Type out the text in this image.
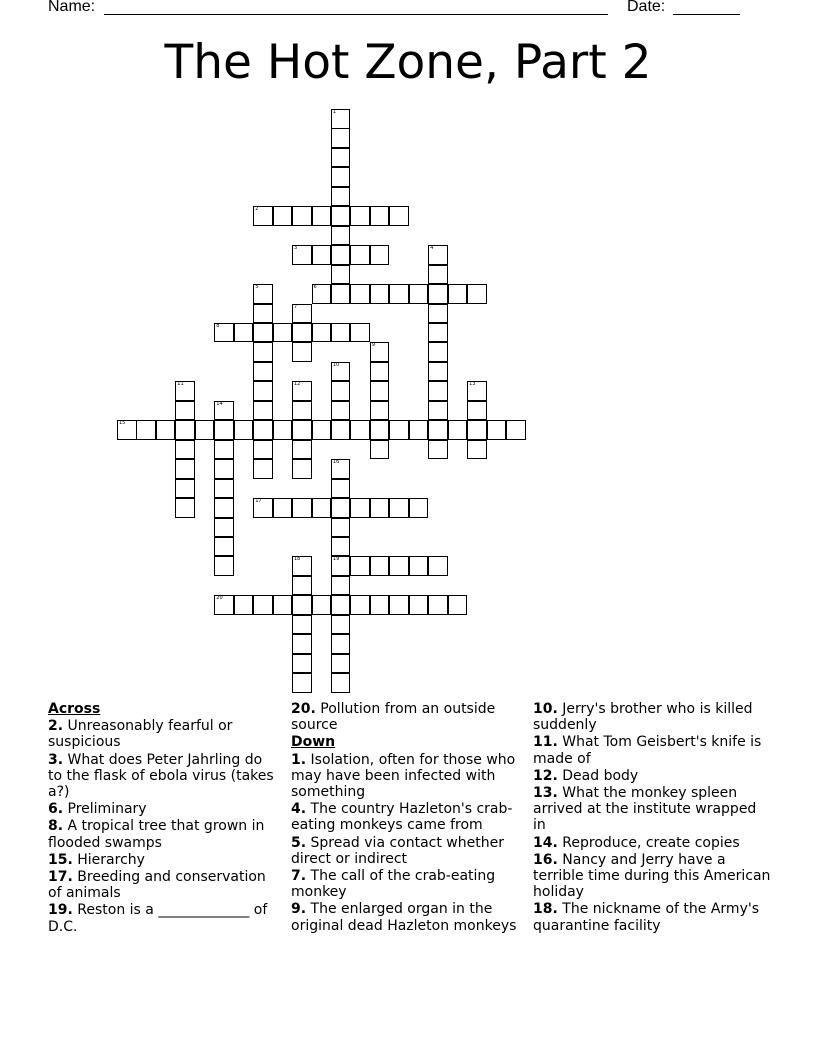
Name:	Date:
The Hot Zone, Part 2
1
2
3	4
5	6
7
8
9
10
11	12	13
14
15
16
19
17
18
20
Across
2. Unreasonably fearful or suspicious
3. What does Peter Jahrling do to the flask of ebola virus (takes a?)
6. Preliminary
8. A tropical tree that grown in flooded swamps
15. Hierarchy
17. Breeding and conservation of animals
19. Reston is a _____________ of D.C.
20. Pollution from an outside source
Down
1. Isolation, often for those who may have been infected with something
4. The country Hazleton's crab-eating monkeys came from
5. Spread via contact whether direct or indirect
7. The call of the crab-eating monkey
9. The enlarged organ in the original dead Hazleton monkeys
10. Jerry's brother who is killed suddenly
11. What Tom Geisbert's knife is made of
12. Dead body
13. What the monkey spleen arrived at the institute wrapped in
14. Reproduce, create copies
16. Nancy and Jerry have a terrible time during this American holiday
18. The nickname of the Army's quarantine facility
